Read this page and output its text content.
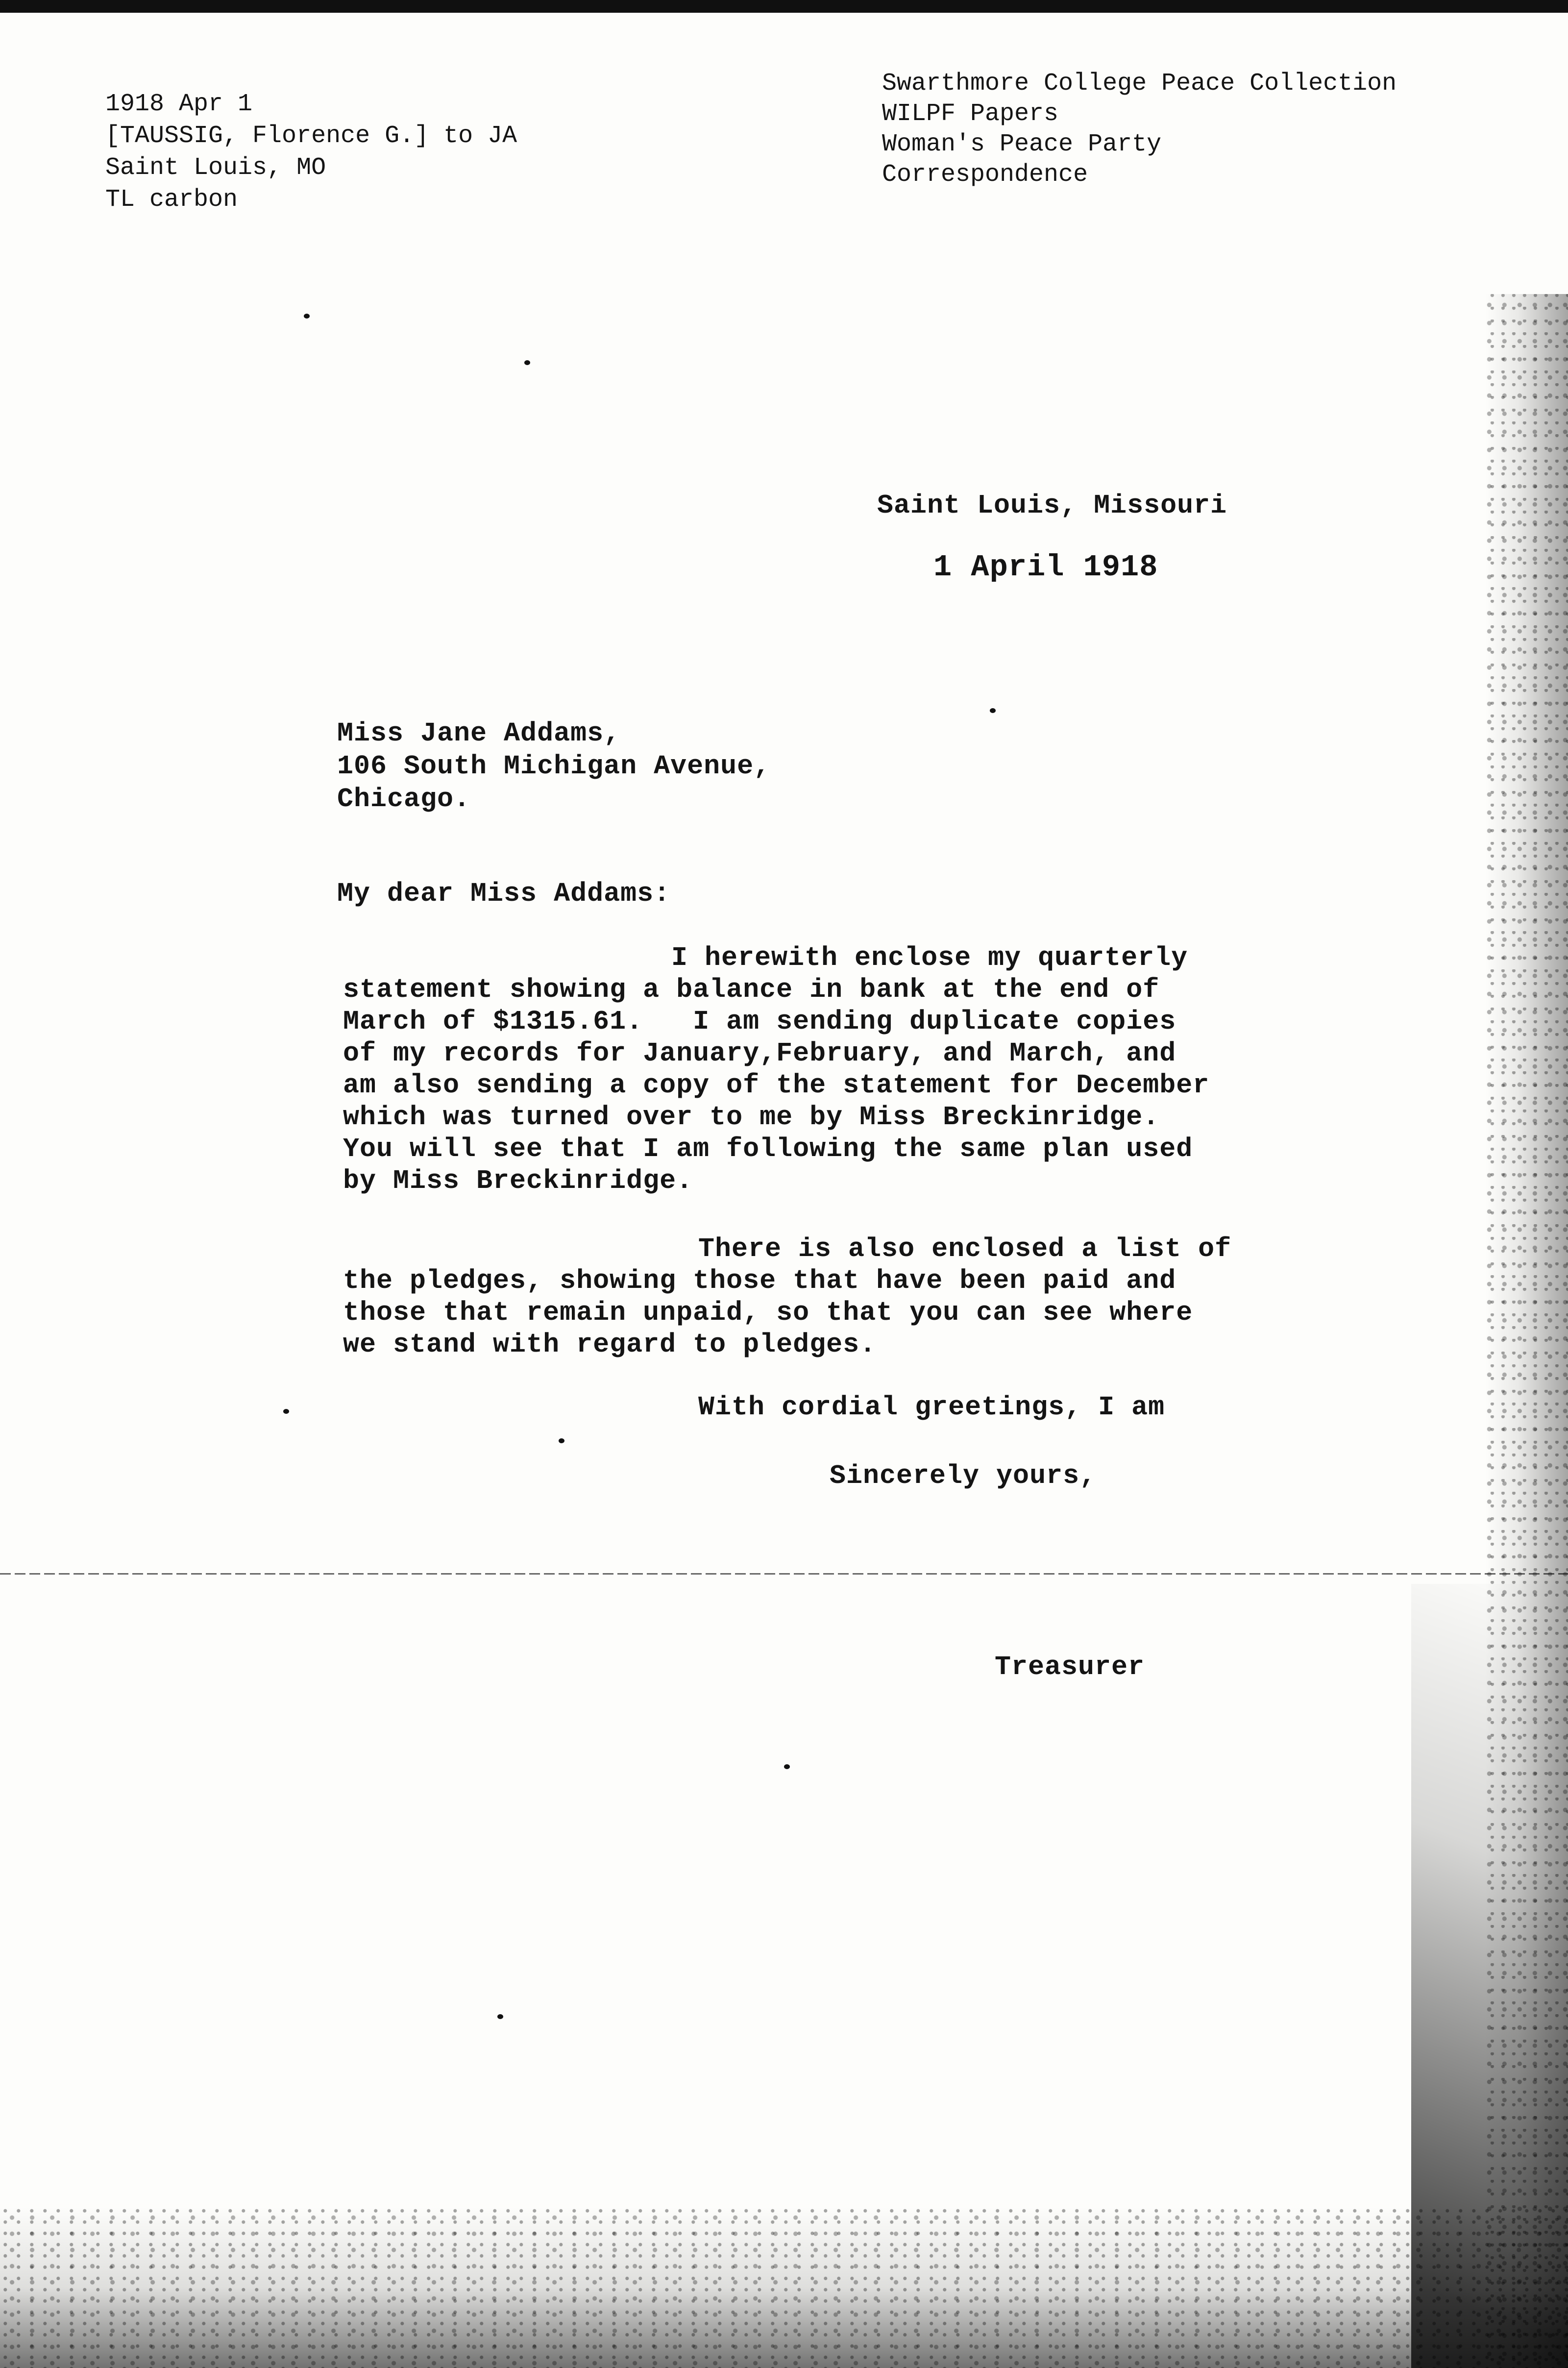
1918 Apr 1
[TAUSSIG, Florence G.] to JA
Saint Louis, MO
TL carbon
Swarthmore College Peace Collection
WILPF Papers
Woman's Peace Party
Correspondence
Saint Louis, Missouri
1 April 1918
Miss Jane Addams,
106 South Michigan Avenue,
Chicago.
My dear Miss Addams:
I herewith enclose my quarterly
statement showing a balance in bank at the end of
March of $1315.61.   I am sending duplicate copies
of my records for January,February, and March, and
am also sending a copy of the statement for December
which was turned over to me by Miss Breckinridge.
You will see that I am following the same plan used
by Miss Breckinridge.
There is also enclosed a list of
the pledges, showing those that have been paid and
those that remain unpaid, so that you can see where
we stand with regard to pledges.
With cordial greetings, I am
Sincerely yours,
Treasurer
